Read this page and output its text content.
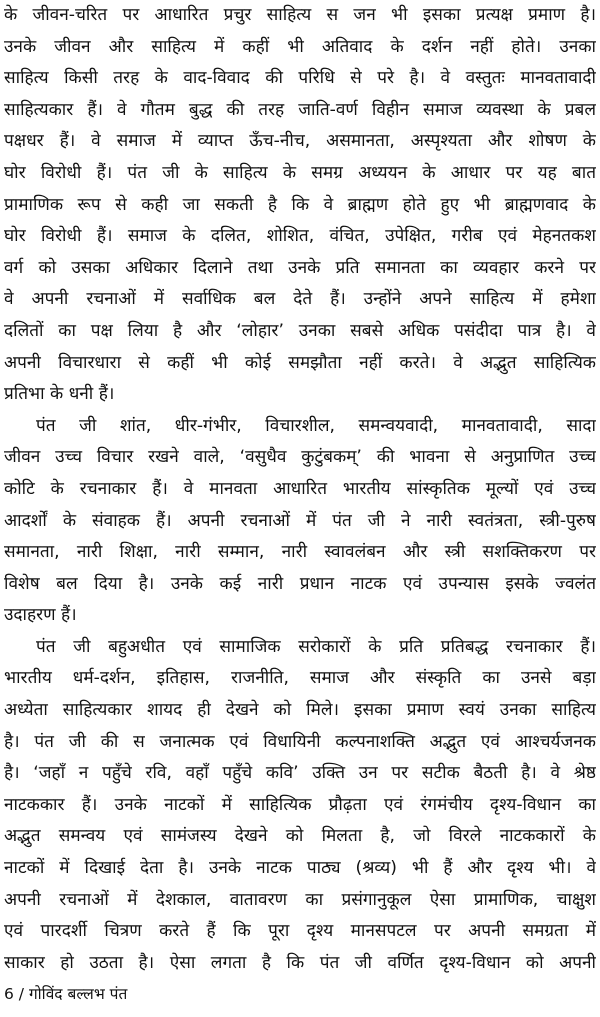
के जीवन-चरित पर आधारित प्रचुर साहित्य स जन भी इसका प्रत्यक्ष प्रमाण है।
उनके जीवन और साहित्य में कहीं भी अतिवाद के दर्शन नहीं होते। उनका
साहित्य किसी तरह के वाद-विवाद की परिधि से परे है। वे वस्तुतः मानवतावादी
साहित्यकार हैं। वे गौतम बुद्ध की तरह जाति-वर्ण विहीन समाज व्यवस्था के प्रबल
पक्षधर हैं। वे समाज में व्याप्त ऊँच-नीच, असमानता, अस्पृश्यता और शोषण के
घोर विरोधी हैं। पंत जी के साहित्य के समग्र अध्ययन के आधार पर यह बात
प्रामाणिक रूप से कही जा सकती है कि वे ब्राह्मण होते हुए भी ब्राह्मणवाद के
घोर विरोधी हैं। समाज के दलित, शोशित, वंचित, उपेक्षित, गरीब एवं मेहनतकश
वर्ग को उसका अधिकार दिलाने तथा उनके प्रति समानता का व्यवहार करने पर
वे अपनी रचनाओं में सर्वाधिक बल देते हैं। उन्होंने अपने साहित्य में हमेशा
दलितों का पक्ष लिया है और ‘लोहार’ उनका सबसे अधिक पसंदीदा पात्र है। वे
अपनी विचारधारा से कहीं भी कोई समझौता नहीं करते। वे अद्भुत साहित्यिक
प्रतिभा के धनी हैं।
पंत जी शांत, धीर-गंभीर, विचारशील, समन्वयवादी, मानवतावादी, सादा
जीवन उच्च विचार रखने वाले, ‘वसुधैव कुटुंबकम्’ की भावना से अनुप्राणित उच्च
कोटि के रचनाकार हैं। वे मानवता आधारित भारतीय सांस्कृतिक मूल्यों एवं उच्च
आदर्शों के संवाहक हैं। अपनी रचनाओं में पंत जी ने नारी स्वतंत्रता, स्त्री-पुरुष
समानता, नारी शिक्षा, नारी सम्मान, नारी स्वावलंबन और स्त्री सशक्तिकरण पर
विशेष बल दिया है। उनके कई नारी प्रधान नाटक एवं उपन्यास इसके ज्वलंत
उदाहरण हैं।
पंत जी बहुअधीत एवं सामाजिक सरोकारों के प्रति प्रतिबद्ध रचनाकार हैं।
भारतीय धर्म-दर्शन, इतिहास, राजनीति, समाज और संस्कृति का उनसे बड़ा
अध्येता साहित्यकार शायद ही देखने को मिले। इसका प्रमाण स्वयं उनका साहित्य
है। पंत जी की स जनात्मक एवं विधायिनी कल्पनाशक्ति अद्भुत एवं आश्चर्यजनक
है। ‘जहाँ न पहुँचे रवि, वहाँ पहुँचे कवि’ उक्ति उन पर सटीक बैठती है। वे श्रेष्ठ
नाटककार हैं। उनके नाटकों में साहित्यिक प्रौढ़ता एवं रंगमंचीय दृश्य-विधान का
अद्भुत समन्वय एवं सामंजस्य देखने को मिलता है, जो विरले नाटककारों के
नाटकों में दिखाई देता है। उनके नाटक पाठ्य (श्रव्य) भी हैं और दृश्य भी। वे
अपनी रचनाओं में देशकाल, वातावरण का प्रसंगानुकूल ऐसा प्रामाणिक, चाक्षुश
एवं पारदर्शी चित्रण करते हैं कि पूरा दृश्य मानसपटल पर अपनी समग्रता में
साकार हो उठता है। ऐसा लगता है कि पंत जी वर्णित दृश्य-विधान को अपनी
6 / गोविंद बल्लभ पंत
